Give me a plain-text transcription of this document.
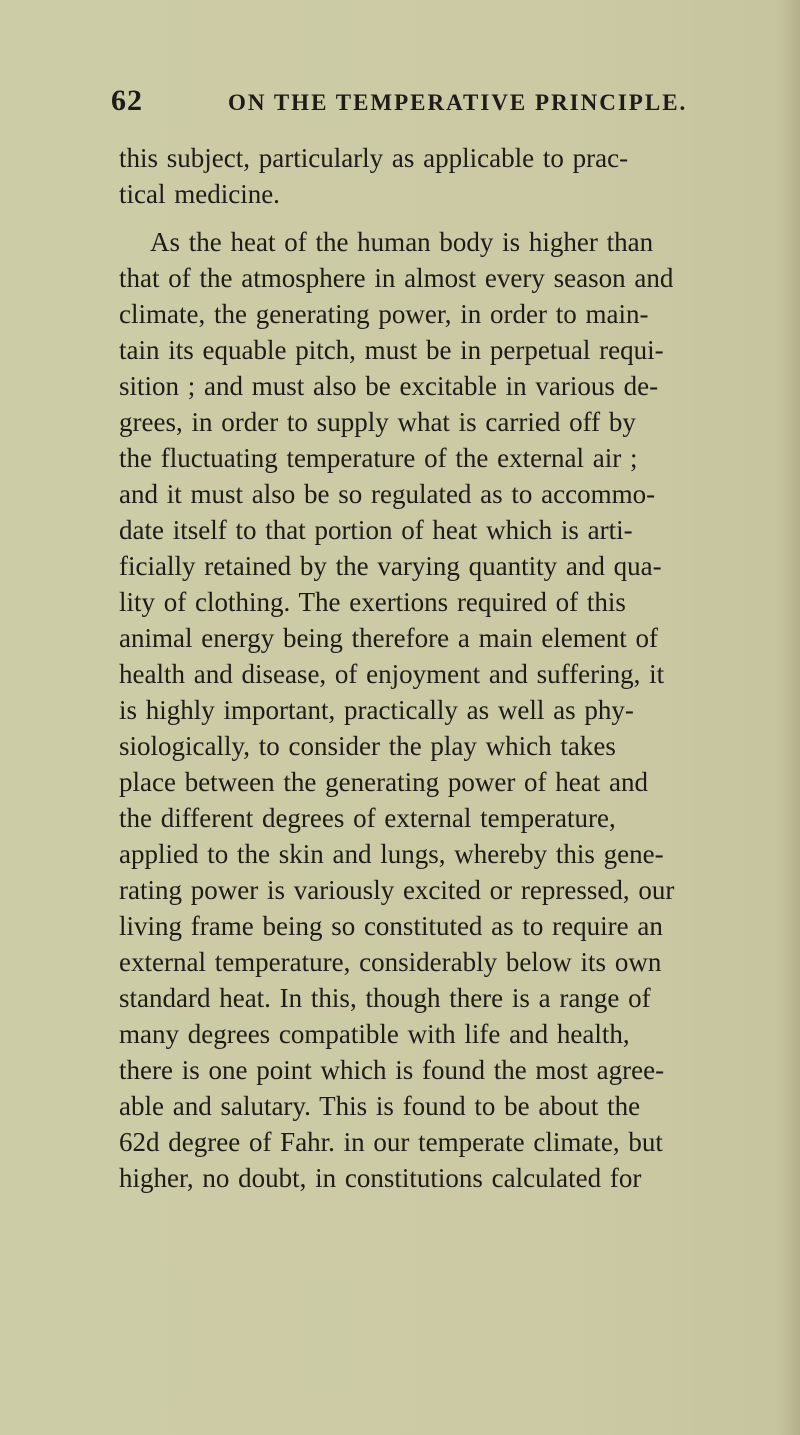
62	ON THE TEMPERATIVE PRINCIPLE.
this subject, particularly as applicable to prac-
tical medicine.
As the heat of the human body is higher than
that of the atmosphere in almost every season and
climate, the generating power, in order to main-
tain its equable pitch, must be in perpetual requi-
sition ; and must also be excitable in various de-
grees, in order to supply what is carried off by
the fluctuating temperature of the external air ;
and it must also be so regulated as to accommo-
date itself to that portion of heat which is arti-
ficially retained by the varying quantity and qua-
lity of clothing. The exertions required of this
animal energy being therefore a main element of
health and disease, of enjoyment and suffering, it
is highly important, practically as well as phy-
siologically, to consider the play which takes
place between the generating power of heat and
the different degrees of external temperature,
applied to the skin and lungs, whereby this gene-
rating power is variously excited or repressed, our
living frame being so constituted as to require an
external temperature, considerably below its own
standard heat. In this, though there is a range of
many degrees compatible with life and health,
there is one point which is found the most agree-
able and salutary. This is found to be about the
62d degree of Fahr. in our temperate climate, but
higher, no doubt, in constitutions calculated for
